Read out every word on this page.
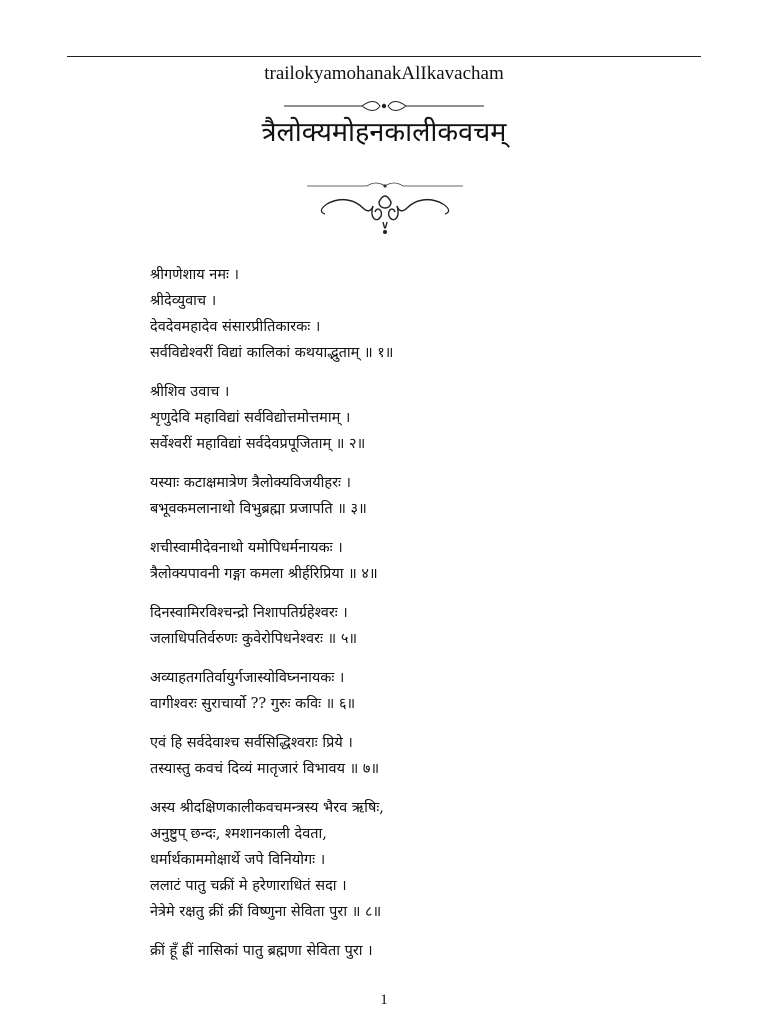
trailokyamohanakAlIkavacham
त्रैलोक्यमोहनकालीकवचम्
श्रीगणेशाय नमः ।
श्रीदेव्युवाच ।
देवदेवमहादेव संसारप्रीतिकारकः ।
सर्वविद्येश्वरीं विद्यां कालिकां कथयाद्भुताम् ॥ १॥
श्रीशिव उवाच ।
शृणुदेवि महाविद्यां सर्वविद्योत्तमोत्तमाम् ।
सर्वेश्वरीं महाविद्यां सर्वदेवप्रपूजिताम् ॥ २॥
यस्याः कटाक्षमात्रेण त्रैलोक्यविजयीहरः ।
बभूवकमलानाथो विभुब्रह्मा प्रजापति ॥ ३॥
शचीस्वामीदेवनाथो यमोपिधर्मनायकः ।
त्रैलोक्यपावनी गङ्गा कमला श्रीर्हरिप्रिया ॥ ४॥
दिनस्वामिरविश्चन्द्रो निशापतिर्ग्रहेश्वरः ।
जलाधिपतिर्वरुणः कुवेरोपिधनेश्वरः ॥ ५॥
अव्याहतगतिर्वायुर्गजास्योविघ्ननायकः ।
वागीश्वरः सुराचार्यो ?? गुरुः कविः ॥ ६॥
एवं हि सर्वदेवाश्च सर्वसिद्धिश्वराः प्रिये ।
तस्यास्तु कवचं दिव्यं मातृजारं विभावय ॥ ७॥
अस्य श्रीदक्षिणकालीकवचमन्त्रस्य भैरव ऋषिः,
अनुष्टुप् छन्दः, श्मशानकाली देवता,
धर्मार्थकाममोक्षार्थे जपे विनियोगः ।
ललाटं पातु चक्रीं मे हरेणाराधितं सदा ।
नेत्रेमे रक्षतु क्रीं क्रीं विष्णुना सेविता पुरा ॥ ८॥
क्रीं हूँ ह्रीं नासिकां पातु ब्रह्मणा सेविता पुरा ।
1
